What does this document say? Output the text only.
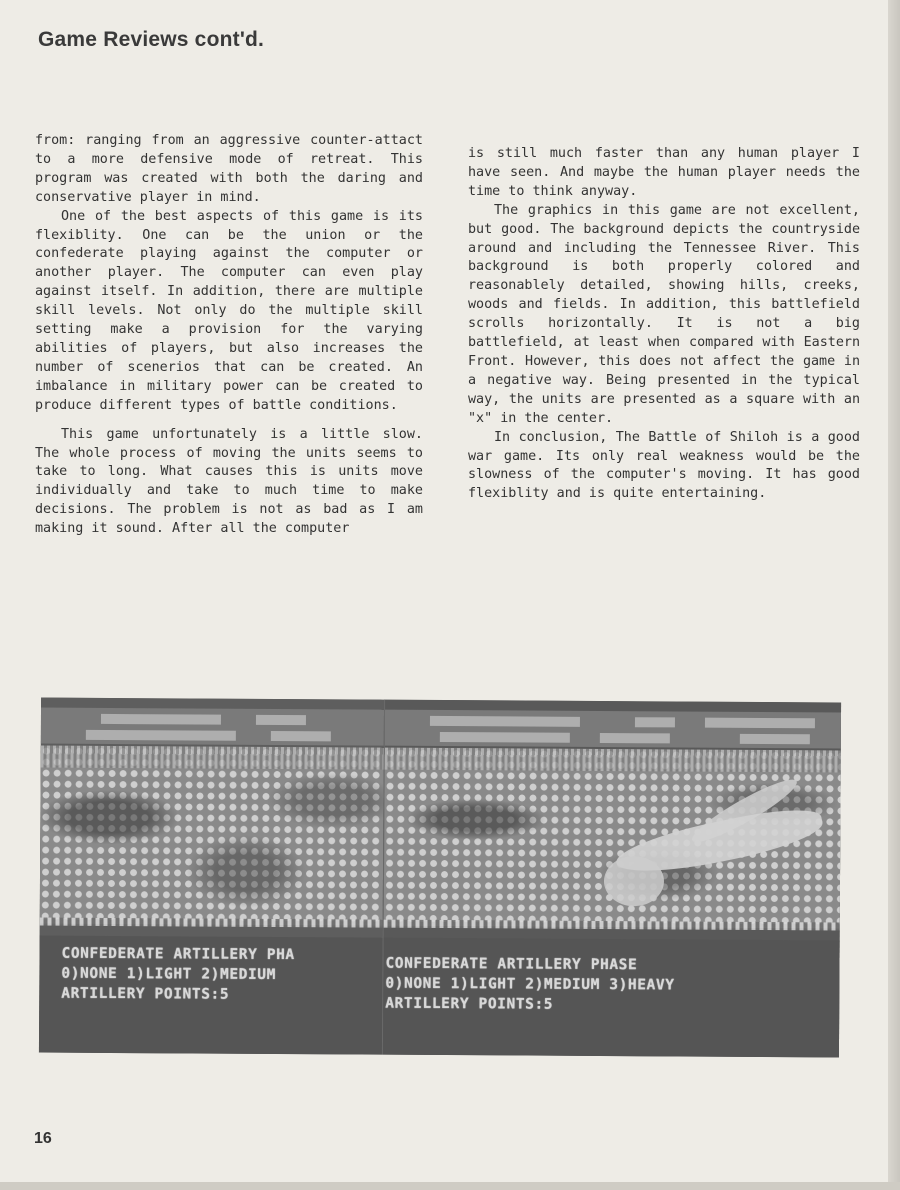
Game Reviews cont'd.

from: ranging from an aggressive counter-attact to a more defensive mode of retreat. This program was created with both the daring and conservative player in mind.

One of the best aspects of this game is its flexiblity. One can be the union or the confederate playing against the computer or another player. The computer can even play against itself. In addition, there are multiple skill levels. Not only do the multiple skill setting make a provision for the varying abilities of players, but also increases the number of scenerios that can be created. An imbalance in military power can be created to produce different types of battle conditions.

This game unfortunately is a little slow. The whole process of moving the units seems to take to long. What causes this is units move individually and take to much time to make decisions. The problem is not as bad as I am making it sound. After all the computer

is still much faster than any human player I have seen. And maybe the human player needs the time to think anyway.

The graphics in this game are not excellent, but good. The background depicts the countryside around and including the Tennessee River. This background is both properly colored and reasonablely detailed, showing hills, creeks, woods and fields. In addition, this battlefield scrolls horizontally. It is not a big battlefield, at least when compared with Eastern Front. However, this does not affect the game in a negative way. Being presented in the typical way, the units are presented as a square with an "x" in the center.

In conclusion, The Battle of Shiloh is a good war game. Its only real weakness would be the slowness of the computer's moving. It has good flexiblity and is quite entertaining.

CONFEDERATE ARTILLERY PHA
0)NONE 1)LIGHT 2)MEDIUM
ARTILLERY POINTS:5
CONFEDERATE ARTILLERY PHASE
0)NONE 1)LIGHT 2)MEDIUM 3)HEAVY
ARTILLERY POINTS:5
16
